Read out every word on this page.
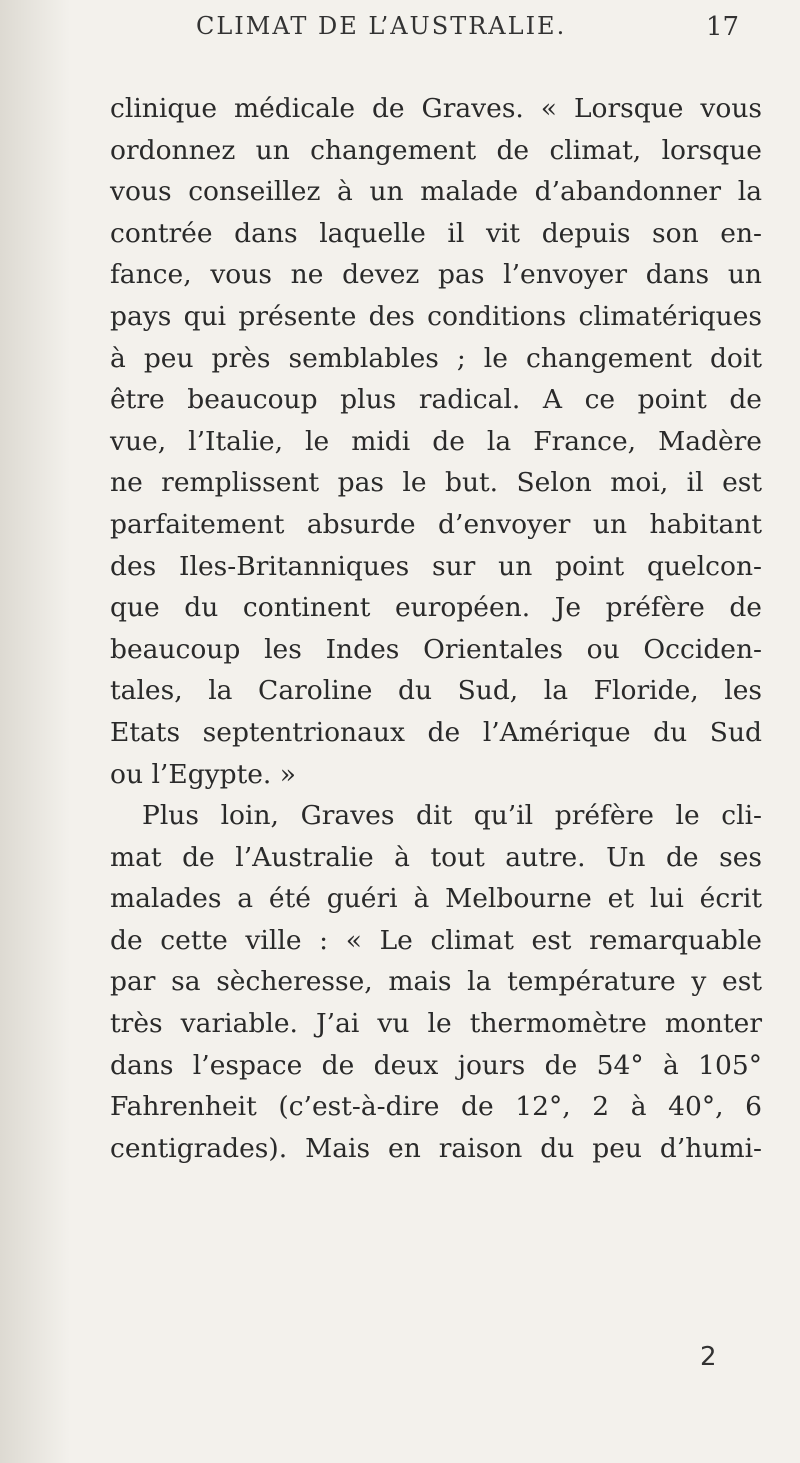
CLIMAT DE L’AUSTRALIE.	17
clinique médicale de Graves. « Lorsque vous
ordonnez un changement de climat, lorsque
vous conseillez à un malade d’abandonner la
contrée dans laquelle il vit depuis son en-
fance, vous ne devez pas l’envoyer dans un
pays qui présente des conditions climatériques
à peu près semblables ; le changement doit
être beaucoup plus radical. A ce point de
vue, l’Italie, le midi de la France, Madère
ne remplissent pas le but. Selon moi, il est
parfaitement absurde d’envoyer un habitant
des Iles-Britanniques sur un point quelcon-
que du continent européen. Je préfère de
beaucoup les Indes Orientales ou Occiden-
tales, la Caroline du Sud, la Floride, les
Etats septentrionaux de l’Amérique du Sud
ou l’Egypte. »
Plus loin, Graves dit qu’il préfère le cli-
mat de l’Australie à tout autre. Un de ses
malades a été guéri à Melbourne et lui écrit
de cette ville : « Le climat est remarquable
par sa sècheresse, mais la température y est
très variable. J’ai vu le thermomètre monter
dans l’espace de deux jours de 54° à 105°
Fahrenheit (c’est-à-dire de 12°, 2 à 40°, 6
centigrades). Mais en raison du peu d’humi-
2
